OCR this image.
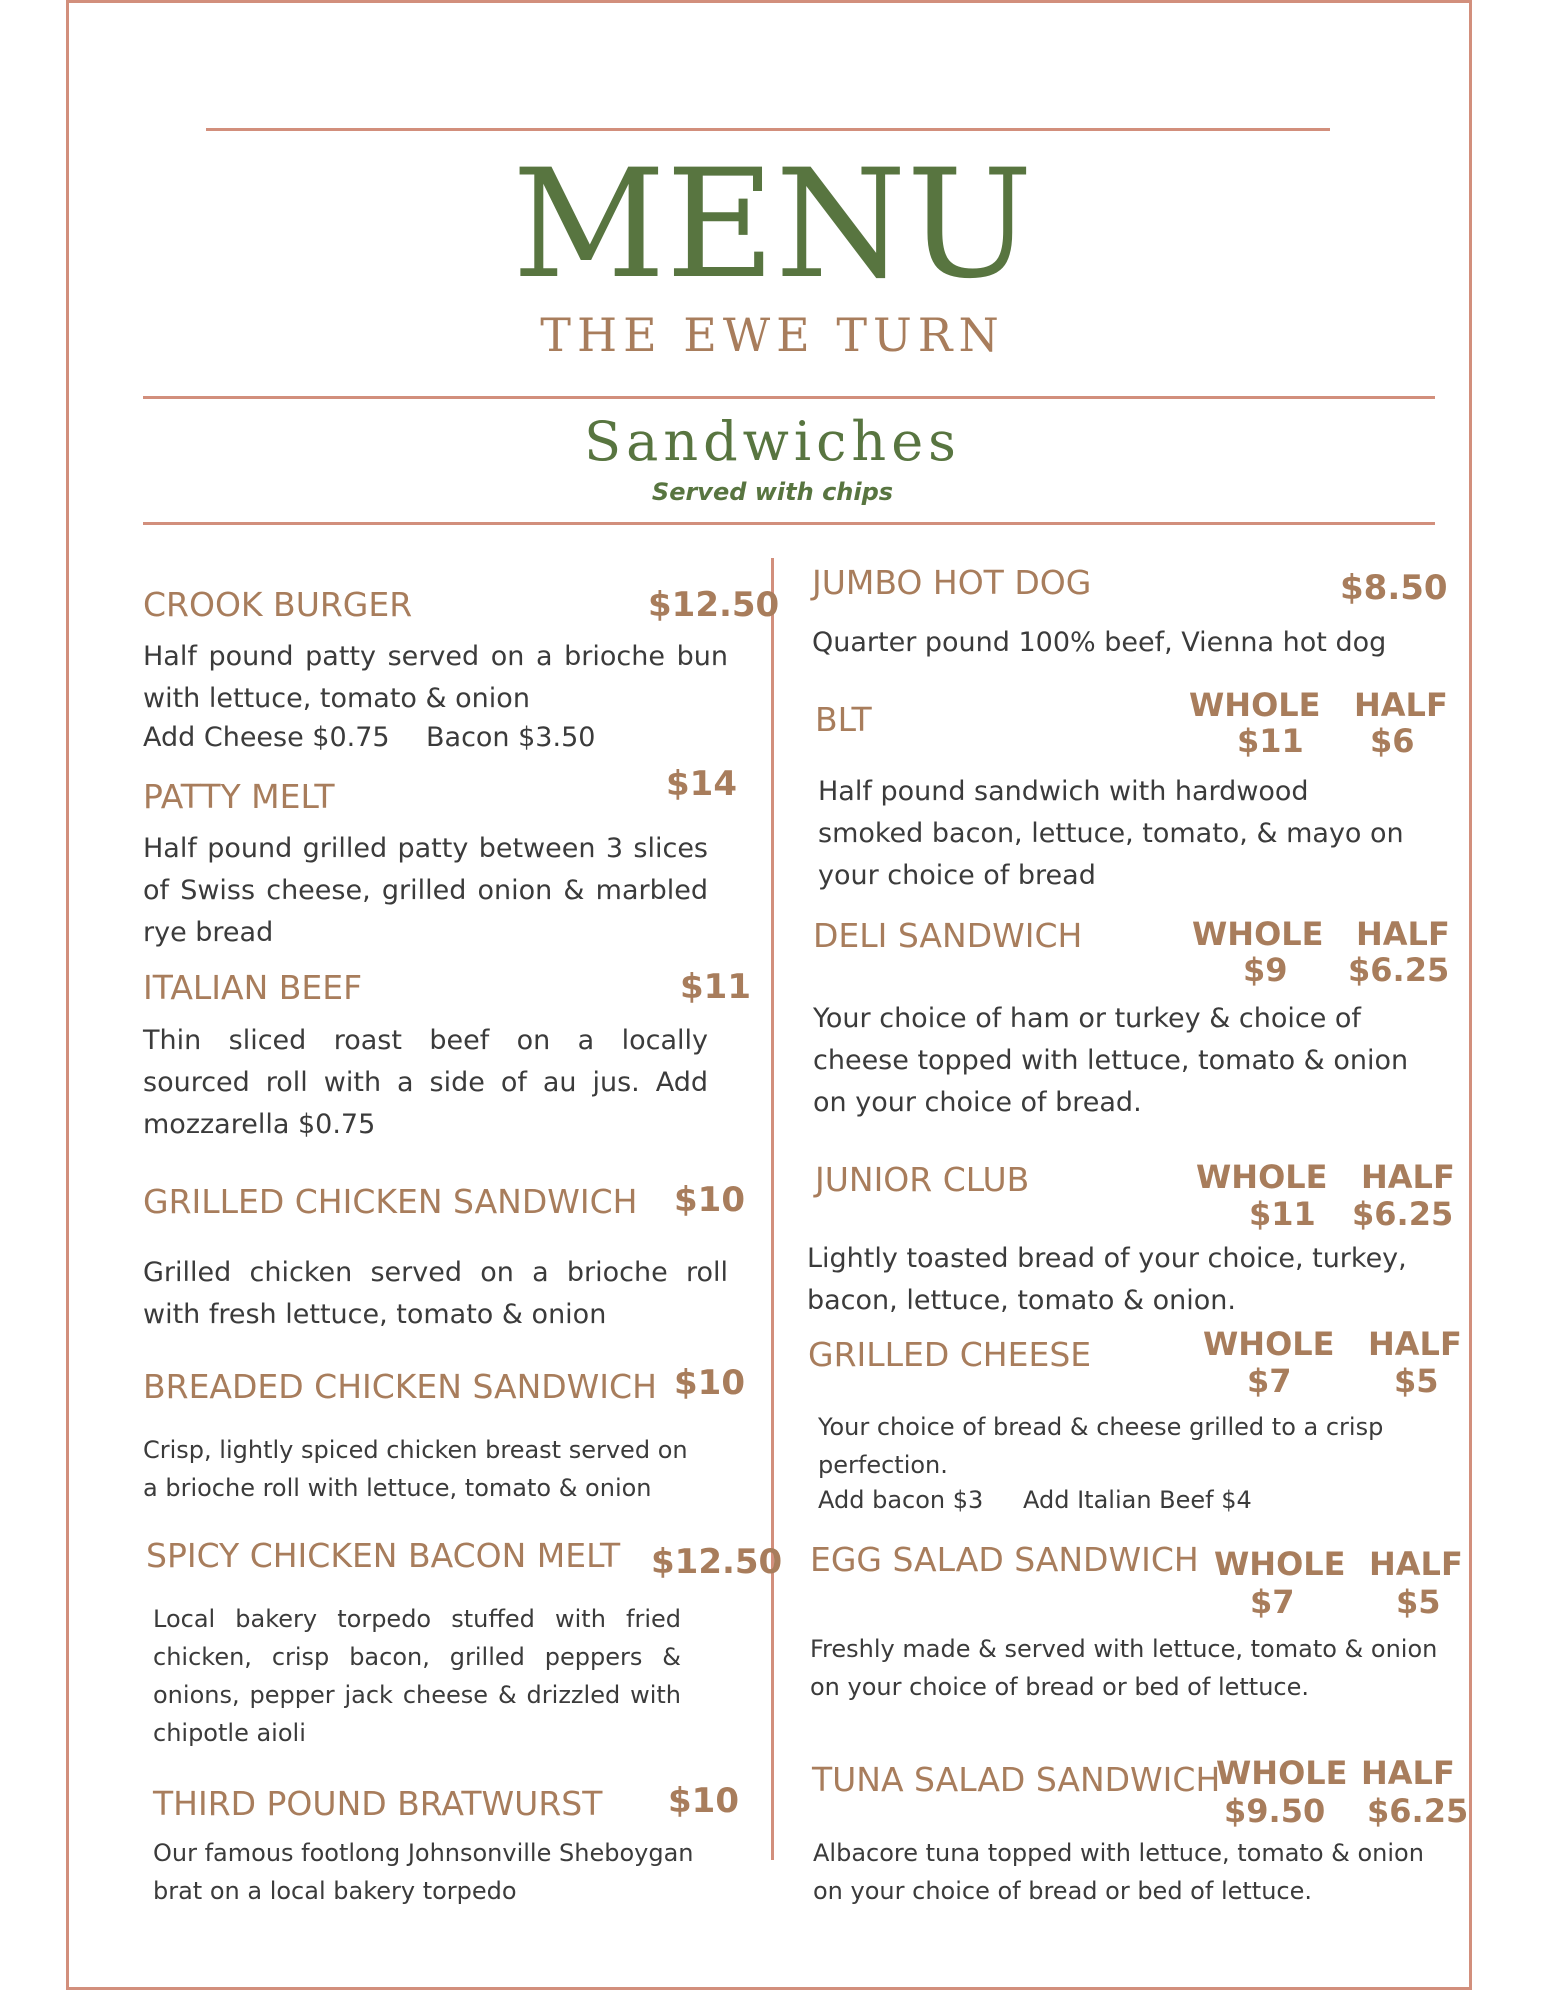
MENU
THE EWE TURN
Sandwiches
Served with chips
CROOK BURGER	$12.50
Half pound patty served on a brioche bun with lettuce, tomato & onion
Add Cheese $0.75 Bacon $3.50
PATTY MELT	$14
Half pound grilled patty between 3 slices of Swiss cheese, grilled onion & marbled rye bread
ITALIAN BEEF	$11
Thin sliced roast beef on a locally sourced roll with a side of au jus. Add mozzarella $0.75
GRILLED CHICKEN SANDWICH $10
Grilled chicken served on a brioche roll with fresh lettuce, tomato & onion
BREADED CHICKEN SANDWICH $10
Crisp, lightly spiced chicken breast served on a brioche roll with lettuce, tomato & onion
SPICY CHICKEN BACON MELT $12.50
Local bakery torpedo stuffed with fried chicken, crisp bacon, grilled peppers & onions, pepper jack cheese & drizzled with chipotle aioli
THIRD POUND BRATWURST $10
Our famous footlong Johnsonville Sheboygan brat on a local bakery torpedo
JUMBO HOT DOG	$8.50
Quarter pound 100% beef, Vienna hot dog
BLT	WHOLE HALF
$11 $6
Half pound sandwich with hardwood smoked bacon, lettuce, tomato, & mayo on your choice of bread
DELI SANDWICH	WHOLE HALF
$9 $6.25
Your choice of ham or turkey & choice of cheese topped with lettuce, tomato & onion on your choice of bread.
JUNIOR CLUB	WHOLE HALF
$11 $6.25
Lightly toasted bread of your choice, turkey, bacon, lettuce, tomato & onion.
GRILLED CHEESE	WHOLE HALF
$7	$5
Your choice of bread & cheese grilled to a crisp perfection.
Add bacon $3 Add Italian Beef $4
EGG SALAD SANDWICH WHOLE HALF
$7	$5
Freshly made & served with lettuce, tomato & onion on your choice of bread or bed of lettuce.
TUNA SALAD SANDWICH
WHOLE HALF
$9.50 $6.25
Albacore tuna topped with lettuce, tomato & onion on your choice of bread or bed of lettuce.
